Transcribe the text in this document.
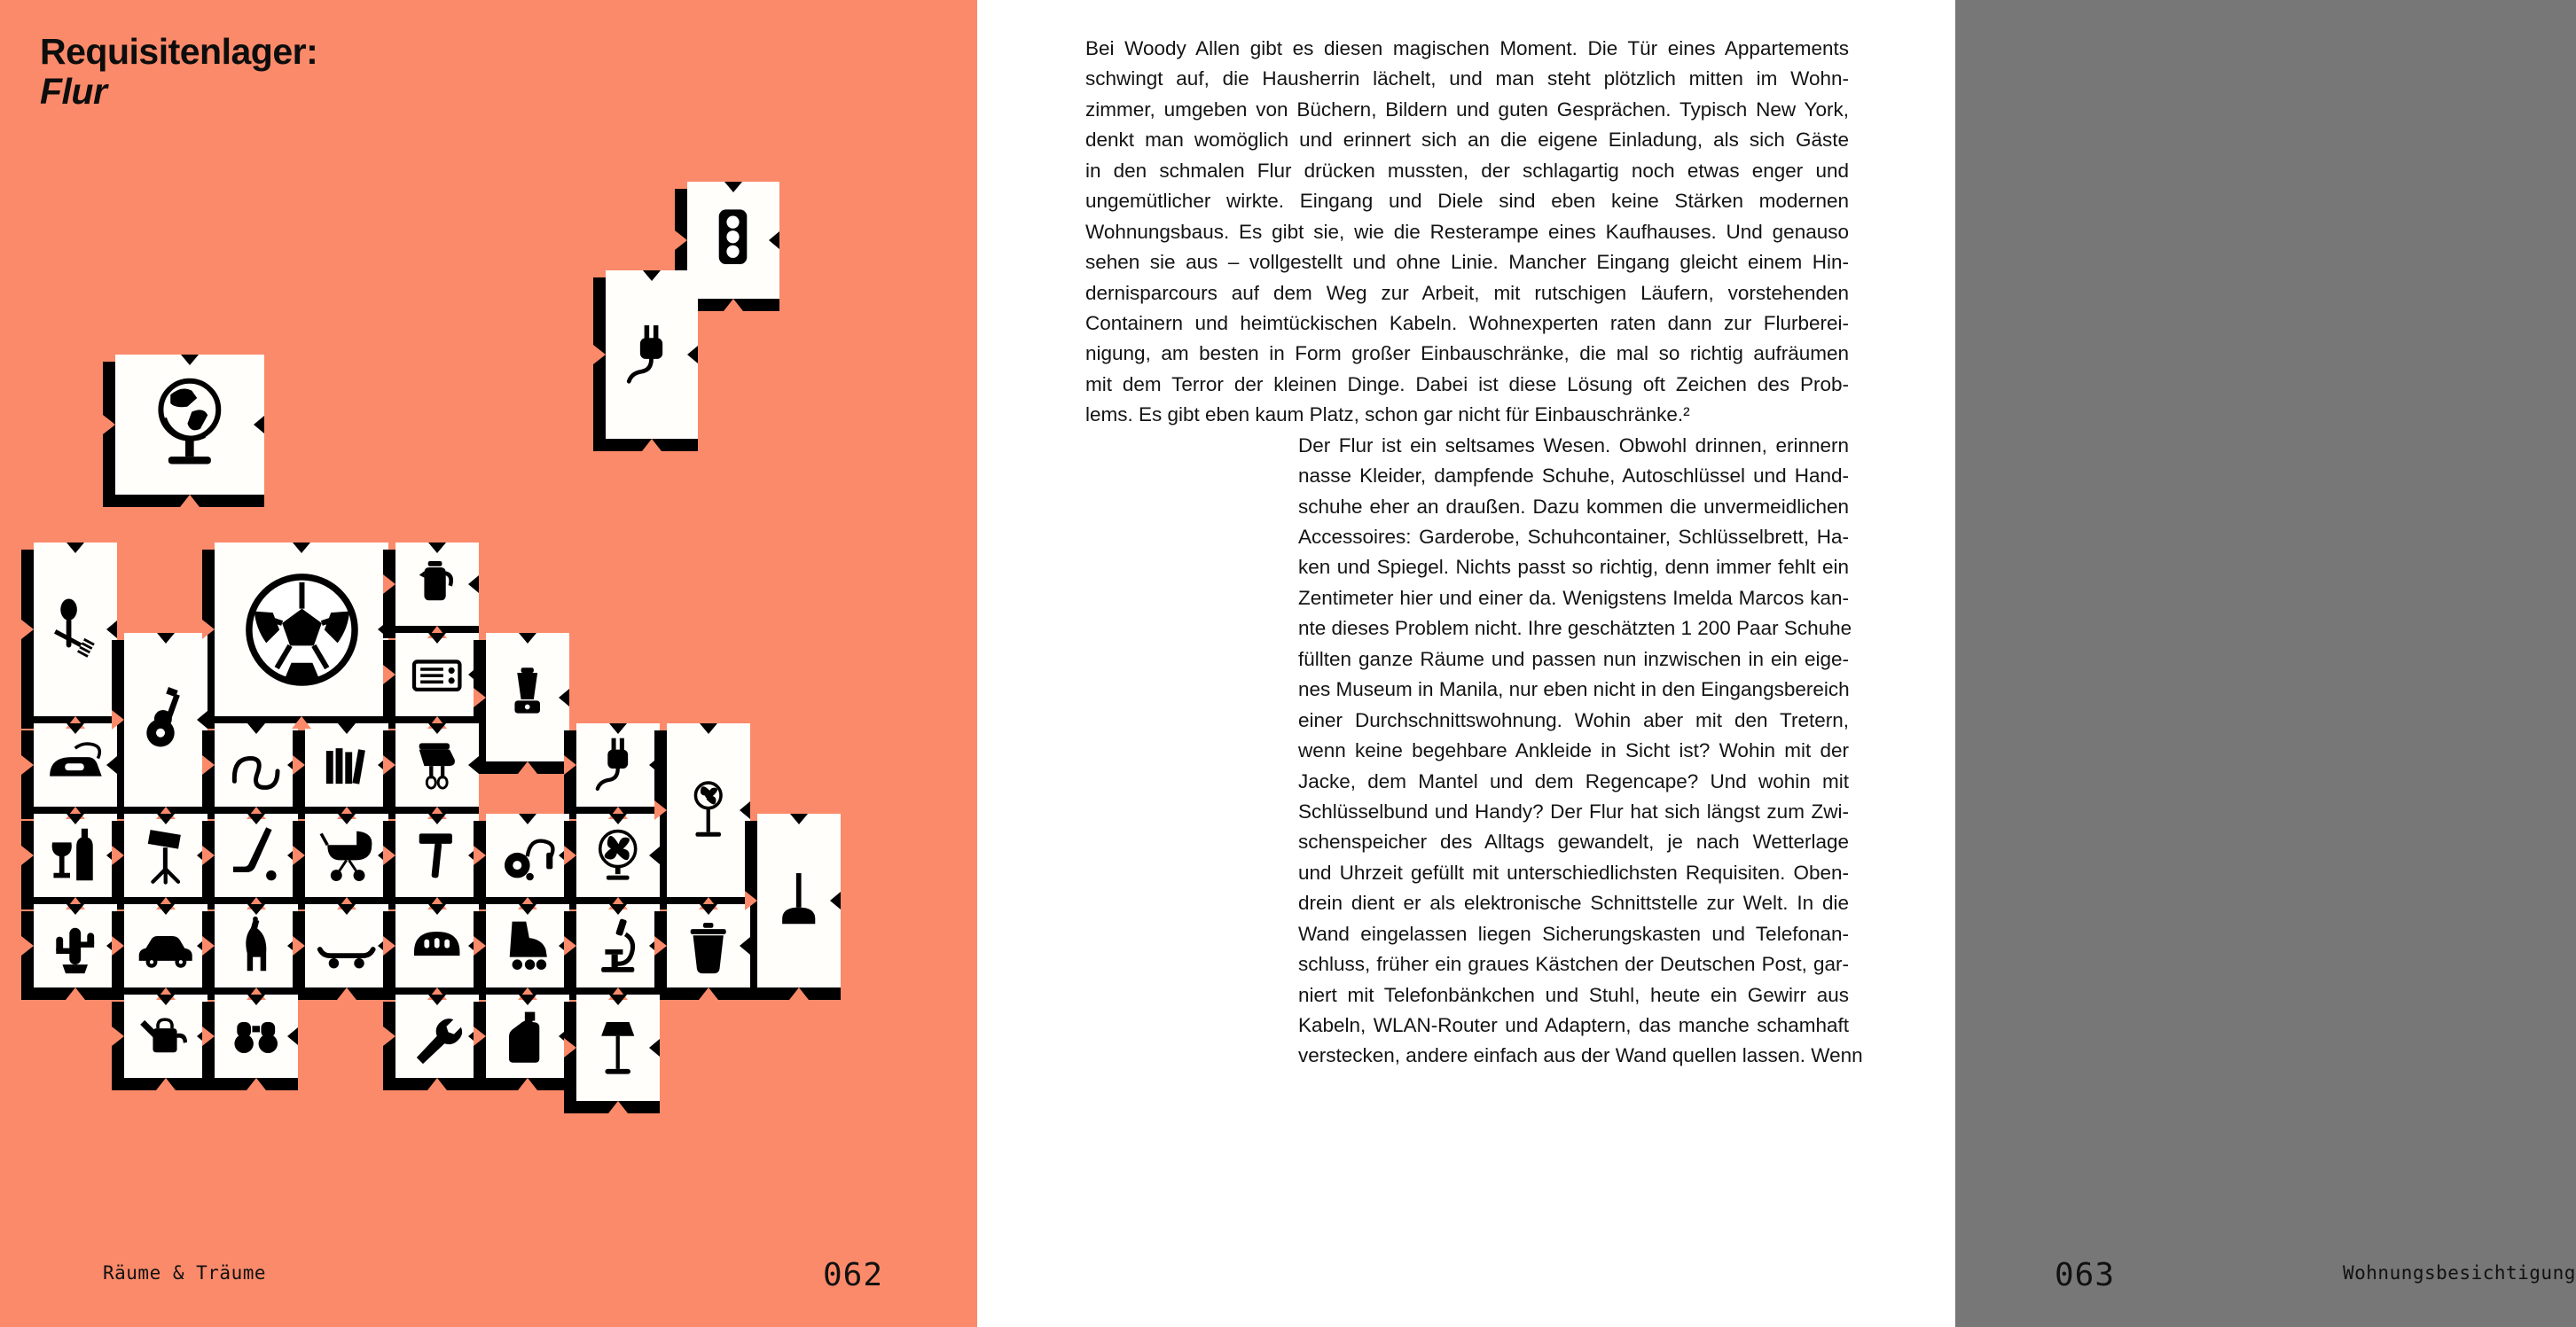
Requisitenlager:
Flur
Räume & Träume	062
Bei Woody Allen gibt es diesen magischen Moment. Die Tür eines Appartements
schwingt auf, die Hausherrin lächelt, und man steht plötzlich mitten im Wohn-
zimmer, umgeben von Büchern, Bildern und guten Gesprächen. Typisch New York,
denkt man womöglich und erinnert sich an die eigene Einladung, als sich Gäste
in den schmalen Flur drücken mussten, der schlagartig noch etwas enger und
ungemütlicher wirkte. Eingang und Diele sind eben keine Stärken modernen
Wohnungsbaus. Es gibt sie, wie die Resterampe eines Kaufhauses. Und genauso
sehen sie aus – vollgestellt und ohne Linie. Mancher Eingang gleicht einem Hin-
dernisparcours auf dem Weg zur Arbeit, mit rutschigen Läufern, vorstehenden
Containern und heimtückischen Kabeln. Wohnexperten raten dann zur Flurberei-
nigung, am besten in Form großer Einbauschränke, die mal so richtig aufräumen
mit dem Terror der kleinen Dinge. Dabei ist diese Lösung oft Zeichen des Prob-
lems. Es gibt eben kaum Platz, schon gar nicht für Einbauschränke.²
Der Flur ist ein seltsames Wesen. Obwohl drinnen, erinnern
nasse Kleider, dampfende Schuhe, Autoschlüssel und Hand-
schuhe eher an draußen. Dazu kommen die unvermeidlichen
Accessoires: Garderobe, Schuhcontainer, Schlüsselbrett, Ha-
ken und Spiegel. Nichts passt so richtig, denn immer fehlt ein
Zentimeter hier und einer da. Wenigstens Imelda Marcos kan-
nte dieses Problem nicht. Ihre geschätzten 1 200 Paar Schuhe
füllten ganze Räume und passen nun inzwischen in ein eige-
nes Museum in Manila, nur eben nicht in den Eingangsbereich
einer Durchschnittswohnung. Wohin aber mit den Tretern,
wenn keine begehbare Ankleide in Sicht ist? Wohin mit der
Jacke, dem Mantel und dem Regencape? Und wohin mit
Schlüsselbund und Handy? Der Flur hat sich längst zum Zwi-
schenspeicher des Alltags gewandelt, je nach Wetterlage
und Uhrzeit gefüllt mit unterschiedlichsten Requisiten. Oben-
drein dient er als elektronische Schnittstelle zur Welt. In die
Wand eingelassen liegen Sicherungskasten und Telefonan-
schluss, früher ein graues Kästchen der Deutschen Post, gar-
niert mit Telefonbänkchen und Stuhl, heute ein Gewirr aus
Kabeln, WLAN-Router und Adaptern, das manche schamhaft
verstecken, andere einfach aus der Wand quellen lassen. Wenn
063	Wohnungsbesichtigung
